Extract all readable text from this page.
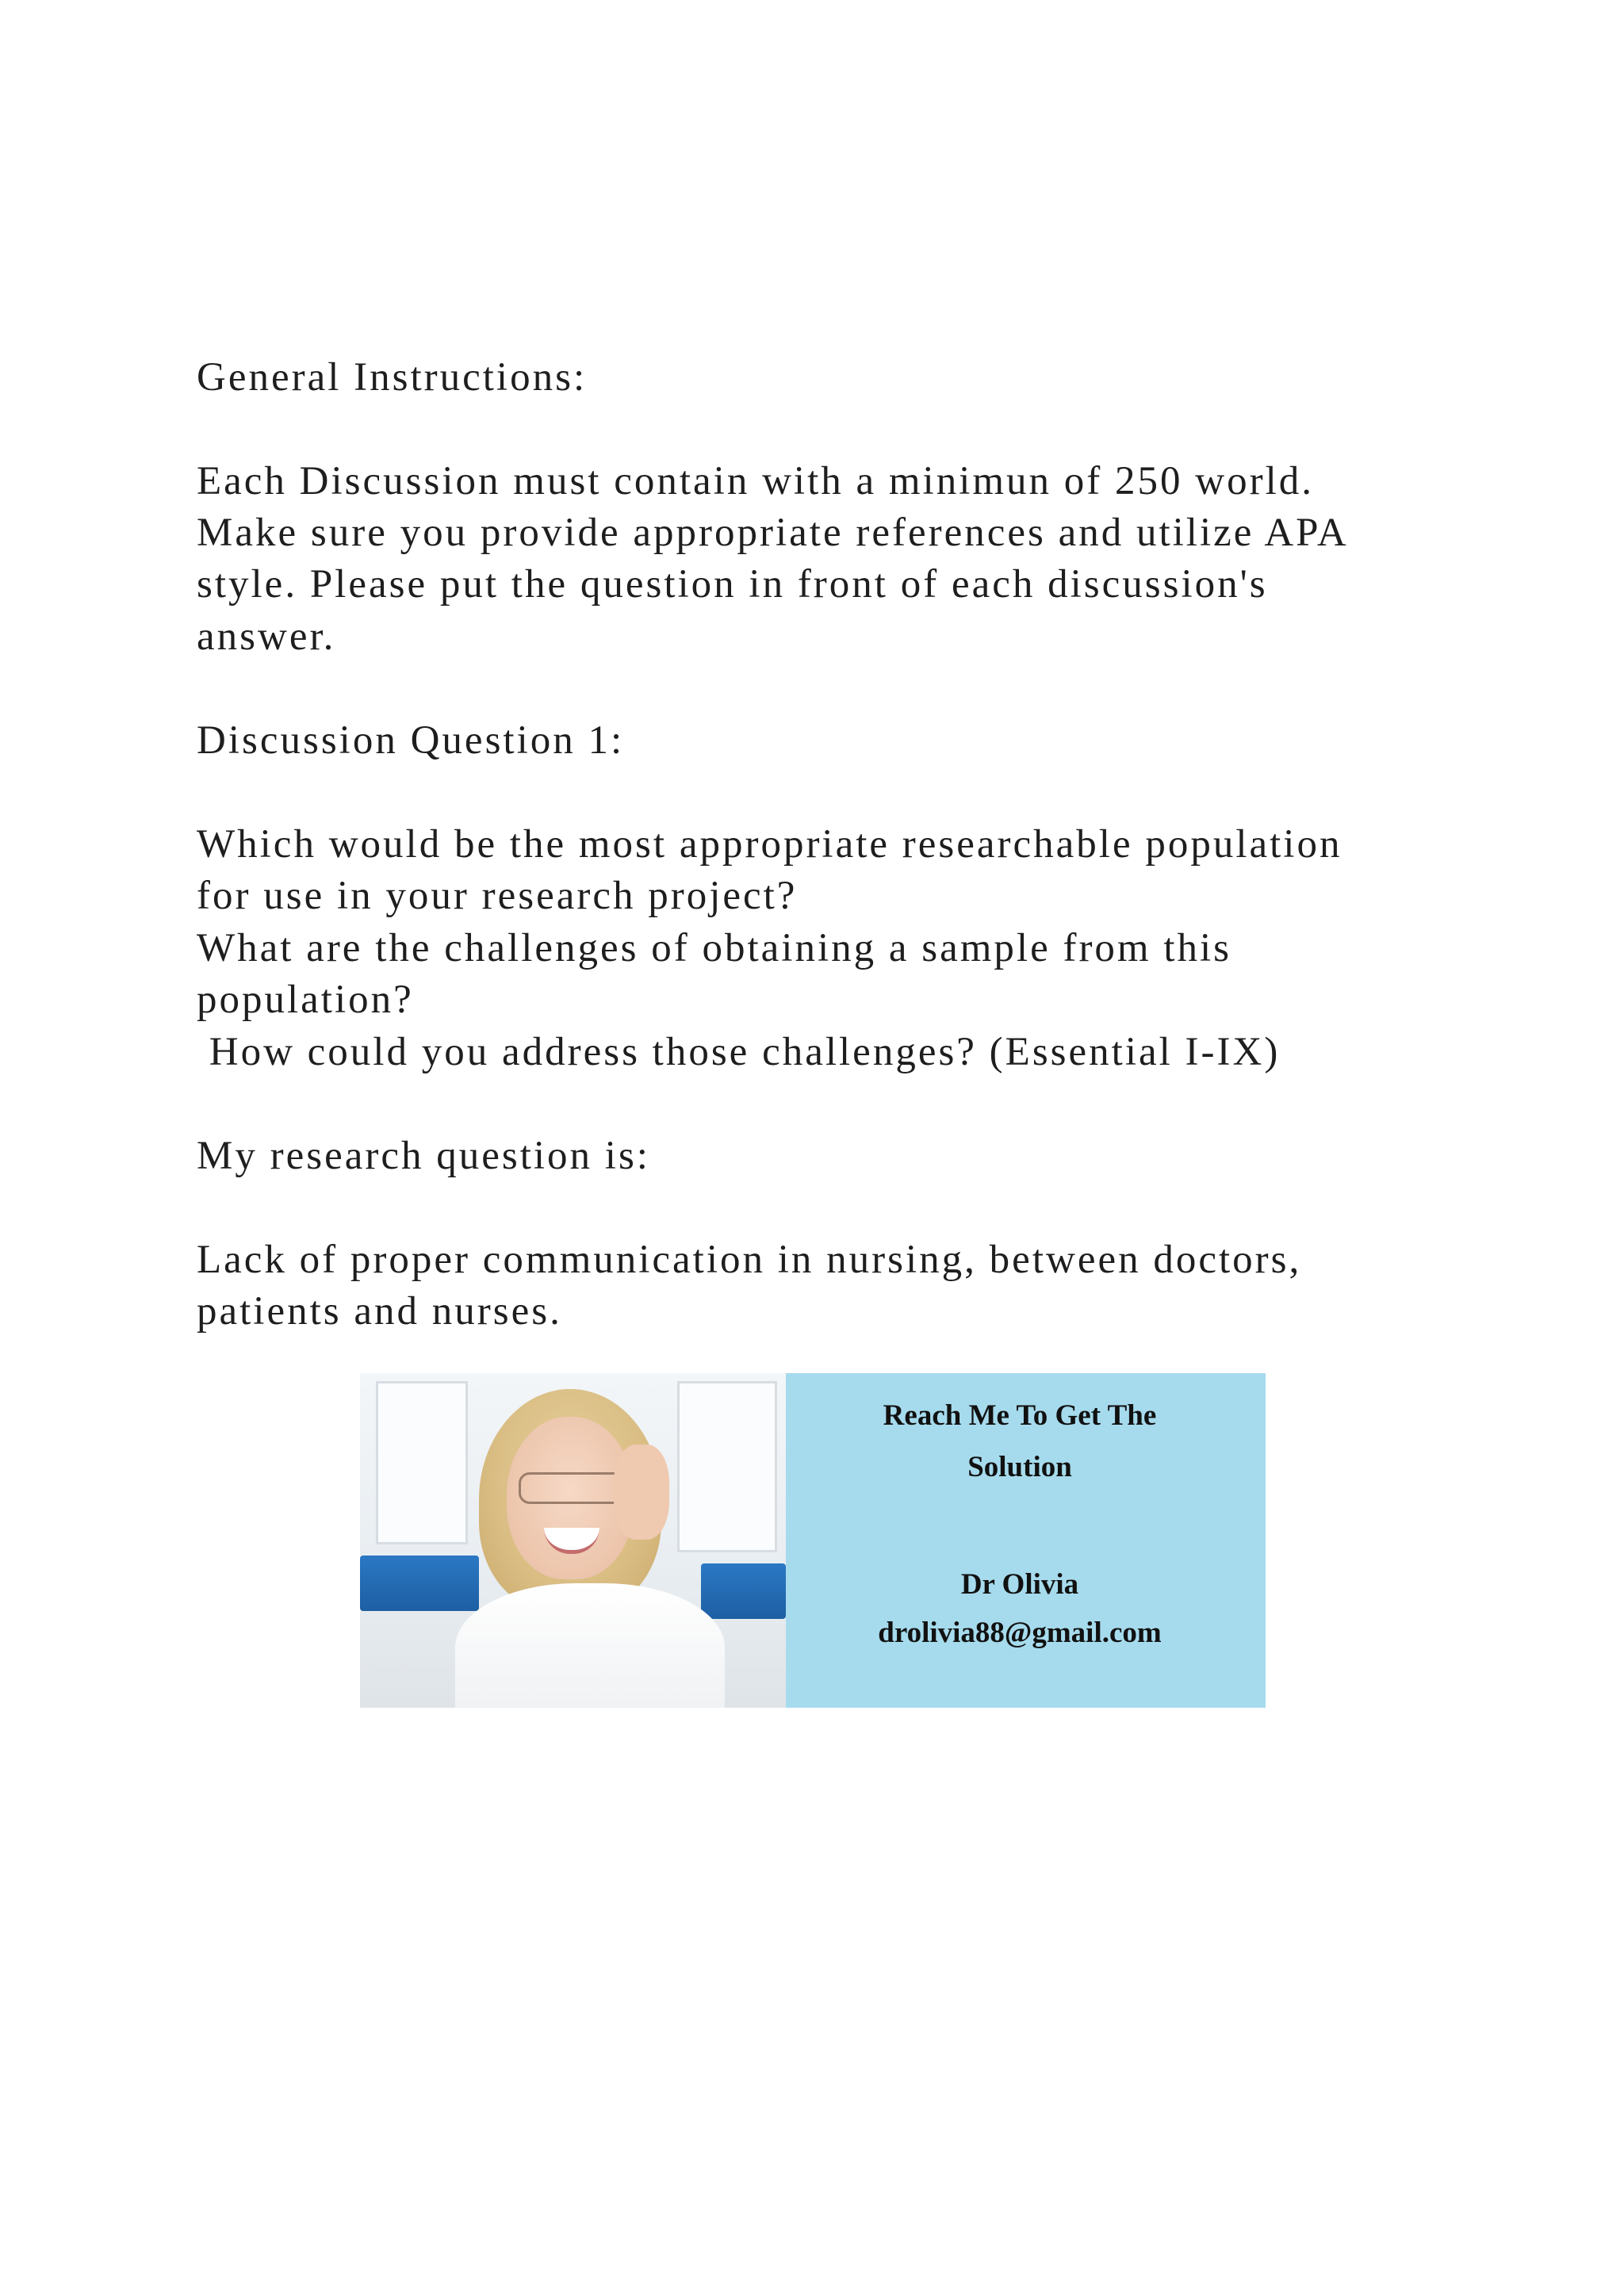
General Instructions:
Each Discussion must contain with a minimun of 250 world.
Make sure you provide appropriate references and utilize APA
style. Please put the question in front of each discussion's
answer.
Discussion Question 1:
Which would be the most appropriate researchable population
for use in your research project?
What are the challenges of obtaining a sample from this
population?
How could you address those challenges? (Essential I-IX)
My research question is:
Lack of proper communication in nursing, between doctors,
patients and nurses.
Reach Me To Get The
Solution
Dr Olivia
drolivia88@gmail.com
